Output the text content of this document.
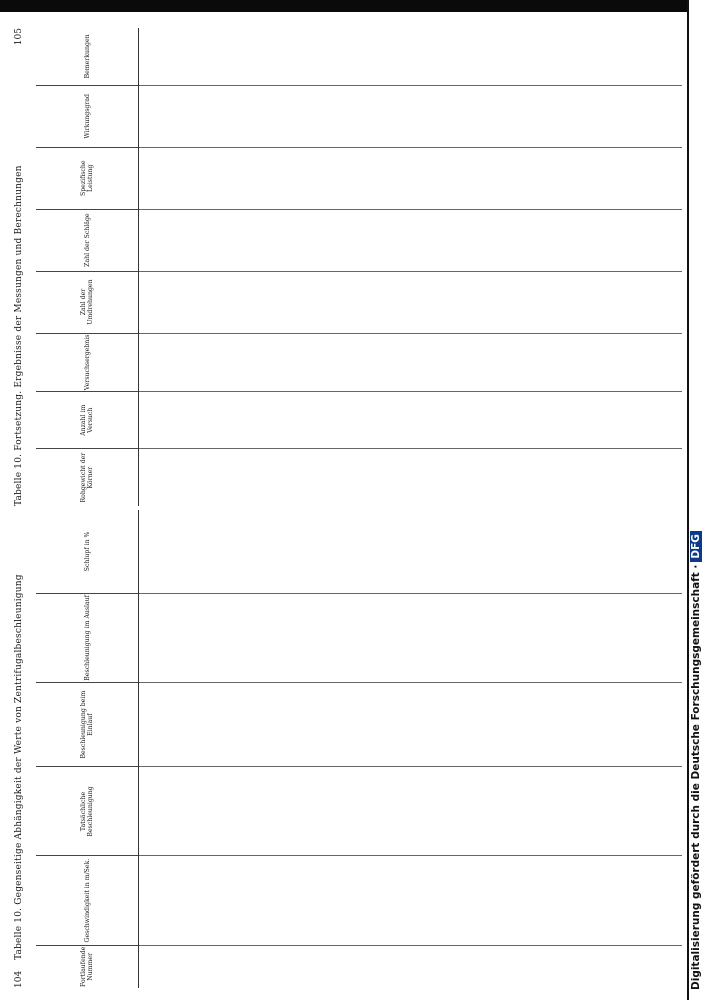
Digitalisierung gefördert durch die Deutsche Forschungsgemeinschaft ·DFG
104
Tabelle 10. Gegenseitige Abhängigkeit der Werte von Zentrifugalbeschleunigung
Fortlaufende Nummer	Geschwindigkeit in m/Sek.	Tatsächliche Beschleunigung	Beschleunigung beim Einlauf	Beschleunigung im Auslauf	Schlupf in %

Tabelle 10. Fortsetzung. Ergebnisse der Messungen und Berechnungen
105
Rohgewicht der Körner	Anzahl im Versuch	Versuchsergebnis	Zahl der Umdrehungen	Zahl der Schläge	Spezifische Leistung	Wirkungsgrad	Bemerkungen
